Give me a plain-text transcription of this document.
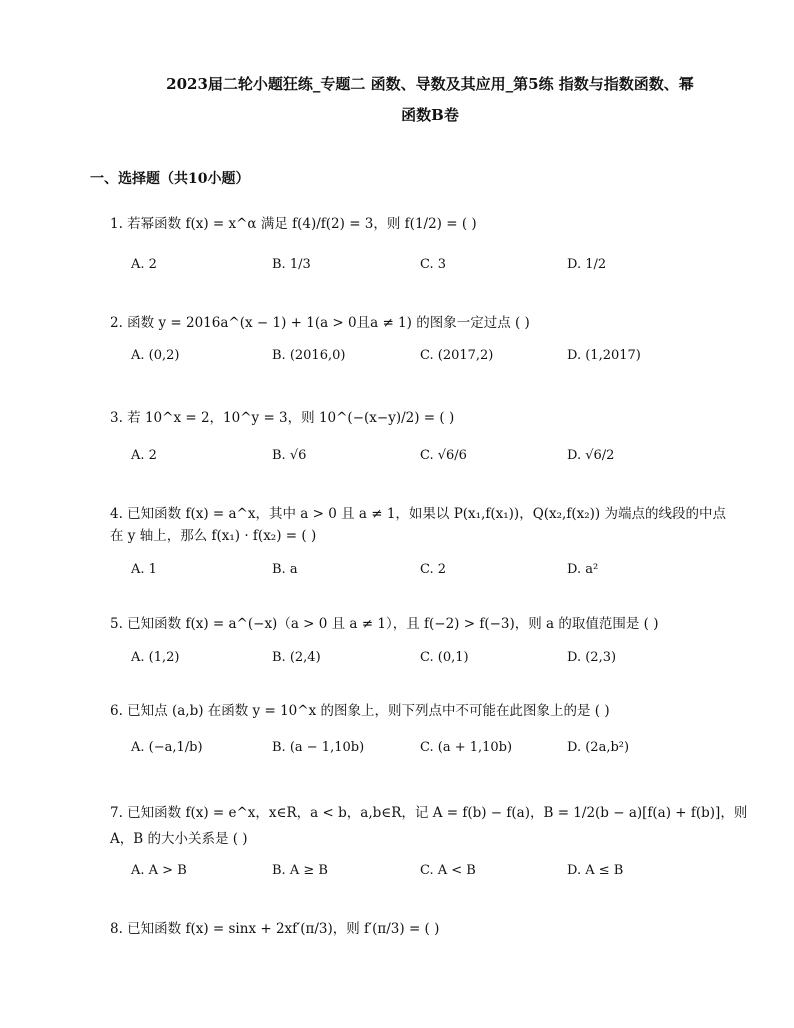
2023届二轮小题狂练_专题二 函数、导数及其应用_第5练 指数与指数函数、幂
函数B卷
一、选择题（共10小题）
1. 若幂函数 f(x) = x^α 满足 f(4)/f(2) = 3，则 f(1/2) = ( )
A. 2	B. 1/3	C. 3	D. 1/2
2. 函数 y = 2016a^(x − 1) + 1(a > 0且a ≠ 1) 的图象一定过点 ( )
A. (0,2)	B. (2016,0)	C. (2017,2)	D. (1,2017)
3. 若 10^x = 2，10^y = 3，则 10^(−(x−y)/2) = ( )
A. 2	B. √6	C. √6/6	D. √6/2
4. 已知函数 f(x) = a^x，其中 a > 0 且 a ≠ 1，如果以 P(x₁,f(x₁))，Q(x₂,f(x₂)) 为端点的线段的中点
在 y 轴上，那么 f(x₁) · f(x₂) = ( )
A. 1	B. a	C. 2	D. a²
5. 已知函数 f(x) = a^(−x)（a > 0 且 a ≠ 1），且 f(−2) > f(−3)，则 a 的取值范围是 ( )
A. (1,2)	B. (2,4)	C. (0,1)	D. (2,3)
6. 已知点 (a,b) 在函数 y = 10^x 的图象上，则下列点中不可能在此图象上的是 ( )
A. (−a,1/b)	B. (a − 1,10b)	C. (a + 1,10b)	D. (2a,b²)
7. 已知函数 f(x) = e^x，x∈R，a < b，a,b∈R，记 A = f(b) − f(a)，B = 1/2(b − a)[f(a) + f(b)]，则
A，B 的大小关系是 ( )
A. A > B	B. A ≥ B	C. A < B	D. A ≤ B
8. 已知函数 f(x) = sinx + 2xf′(π/3)，则 f′(π/3) = ( )
